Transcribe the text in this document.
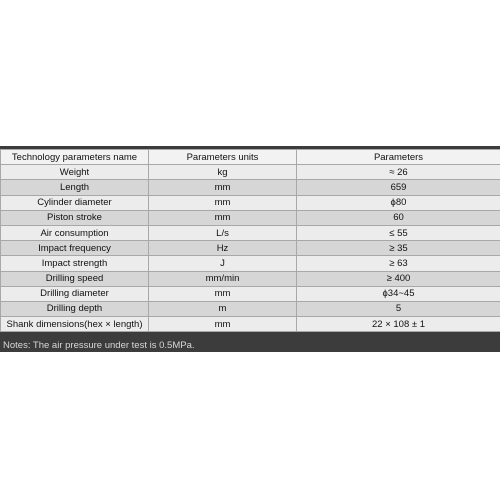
Technology parameters name	Parameters units	Parameters
Weight	kg	≈ 26
Length	mm	659
Cylinder diameter	mm	ϕ80
Piston stroke	mm	60
Air consumption	L/s	≤ 55
Impact frequency	Hz	≥ 35
Impact strength	J	≥ 63
Drilling speed	mm/min	≥ 400
Drilling diameter	mm	ϕ34~45
Drilling depth	m	5
Shank dimensions(hex × length)	mm	22 × 108 ± 1
Notes: The air pressure under test is 0.5MPa.
